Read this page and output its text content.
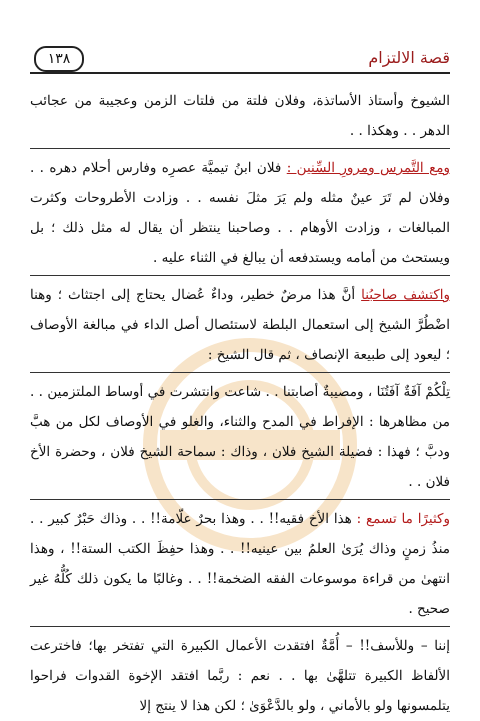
١٣٨	قصة الالتزام

الشيوخ وأستاذ الأساتذة، وفلان فلتة من فلتات الزمن وعجيبة من عجائب الدهر . . وهكذا . .

ومع التَّمرس ومرورِ السِّنين : فلان ابنُ تيميَّة عصرِه وفارس أحلام دهره . . وفلان لم تَرَ عينٌ مثله ولم يَرَ مثلَ نفسه . . وزادت الأطروحات وكثرت المبالغات ، وزادت الأوهام . . وصاحبنا ينتظر أن يقال له مثل ذلك ؛ بل ويستحث من أمامه ويستدفعه أن يبالغ في الثناء عليه .

واكتشف صاحبُنا أنَّ هذا مرضٌ خطير، وداءٌ عُضال يحتاج إلى اجتثاث ؛ وهنا اضْطُرَّ الشيخ إلى استعمال البلطة لاستئصال أصل الداء في مبالغة الأوصاف ؛ ليعود إلى طبيعة الإنصاف ، ثم قال الشيخ :

تِلْكُمْ آفَةٌ آفَتُنَا ، ومصيبةٌ أصابتنا . . شاعت وانتشرت في أوساط الملتزمين . . من مظاهرها : الإفراط في المدح والثناء، والغلو في الأوصاف لكل من هبَّ ودبَّ ؛ فهذا : فضيلة الشيخ فلان ، وذاك : سماحة الشيخ فلان ، وحضرة الأخ فلان . .

وكثيرًا ما تسمع : هذا الأخ فقيه!! . . وهذا بحرٌ علّامة!! . . وذاك حَبْرٌ كبير . . منذُ زمنٍ وذاك يُرَىٰ العلمُ بين عينيه!! . . وهذا حفِظَ الكتب الستة!! ، وهذا انتهىٰ من قراءة موسوعات الفقه الضخمة!! . . وغالبًا ما يكون ذلك كُلُّهُ غير صحيح .

إننا – وللأسف!! – أُمَّةٌ افتقدت الأعمال الكبيرة التي تفتخر بها؛ فاخترعت الألفاظ الكبيرة تتلهَّىٰ بها . . نعم : ربَّما افتقد الإخوة القدوات فراحوا يتلمسونها ولو بالأماني ، ولو بالدَّعْوَىٰ ؛ لكن هذا لا ينتج إلا
